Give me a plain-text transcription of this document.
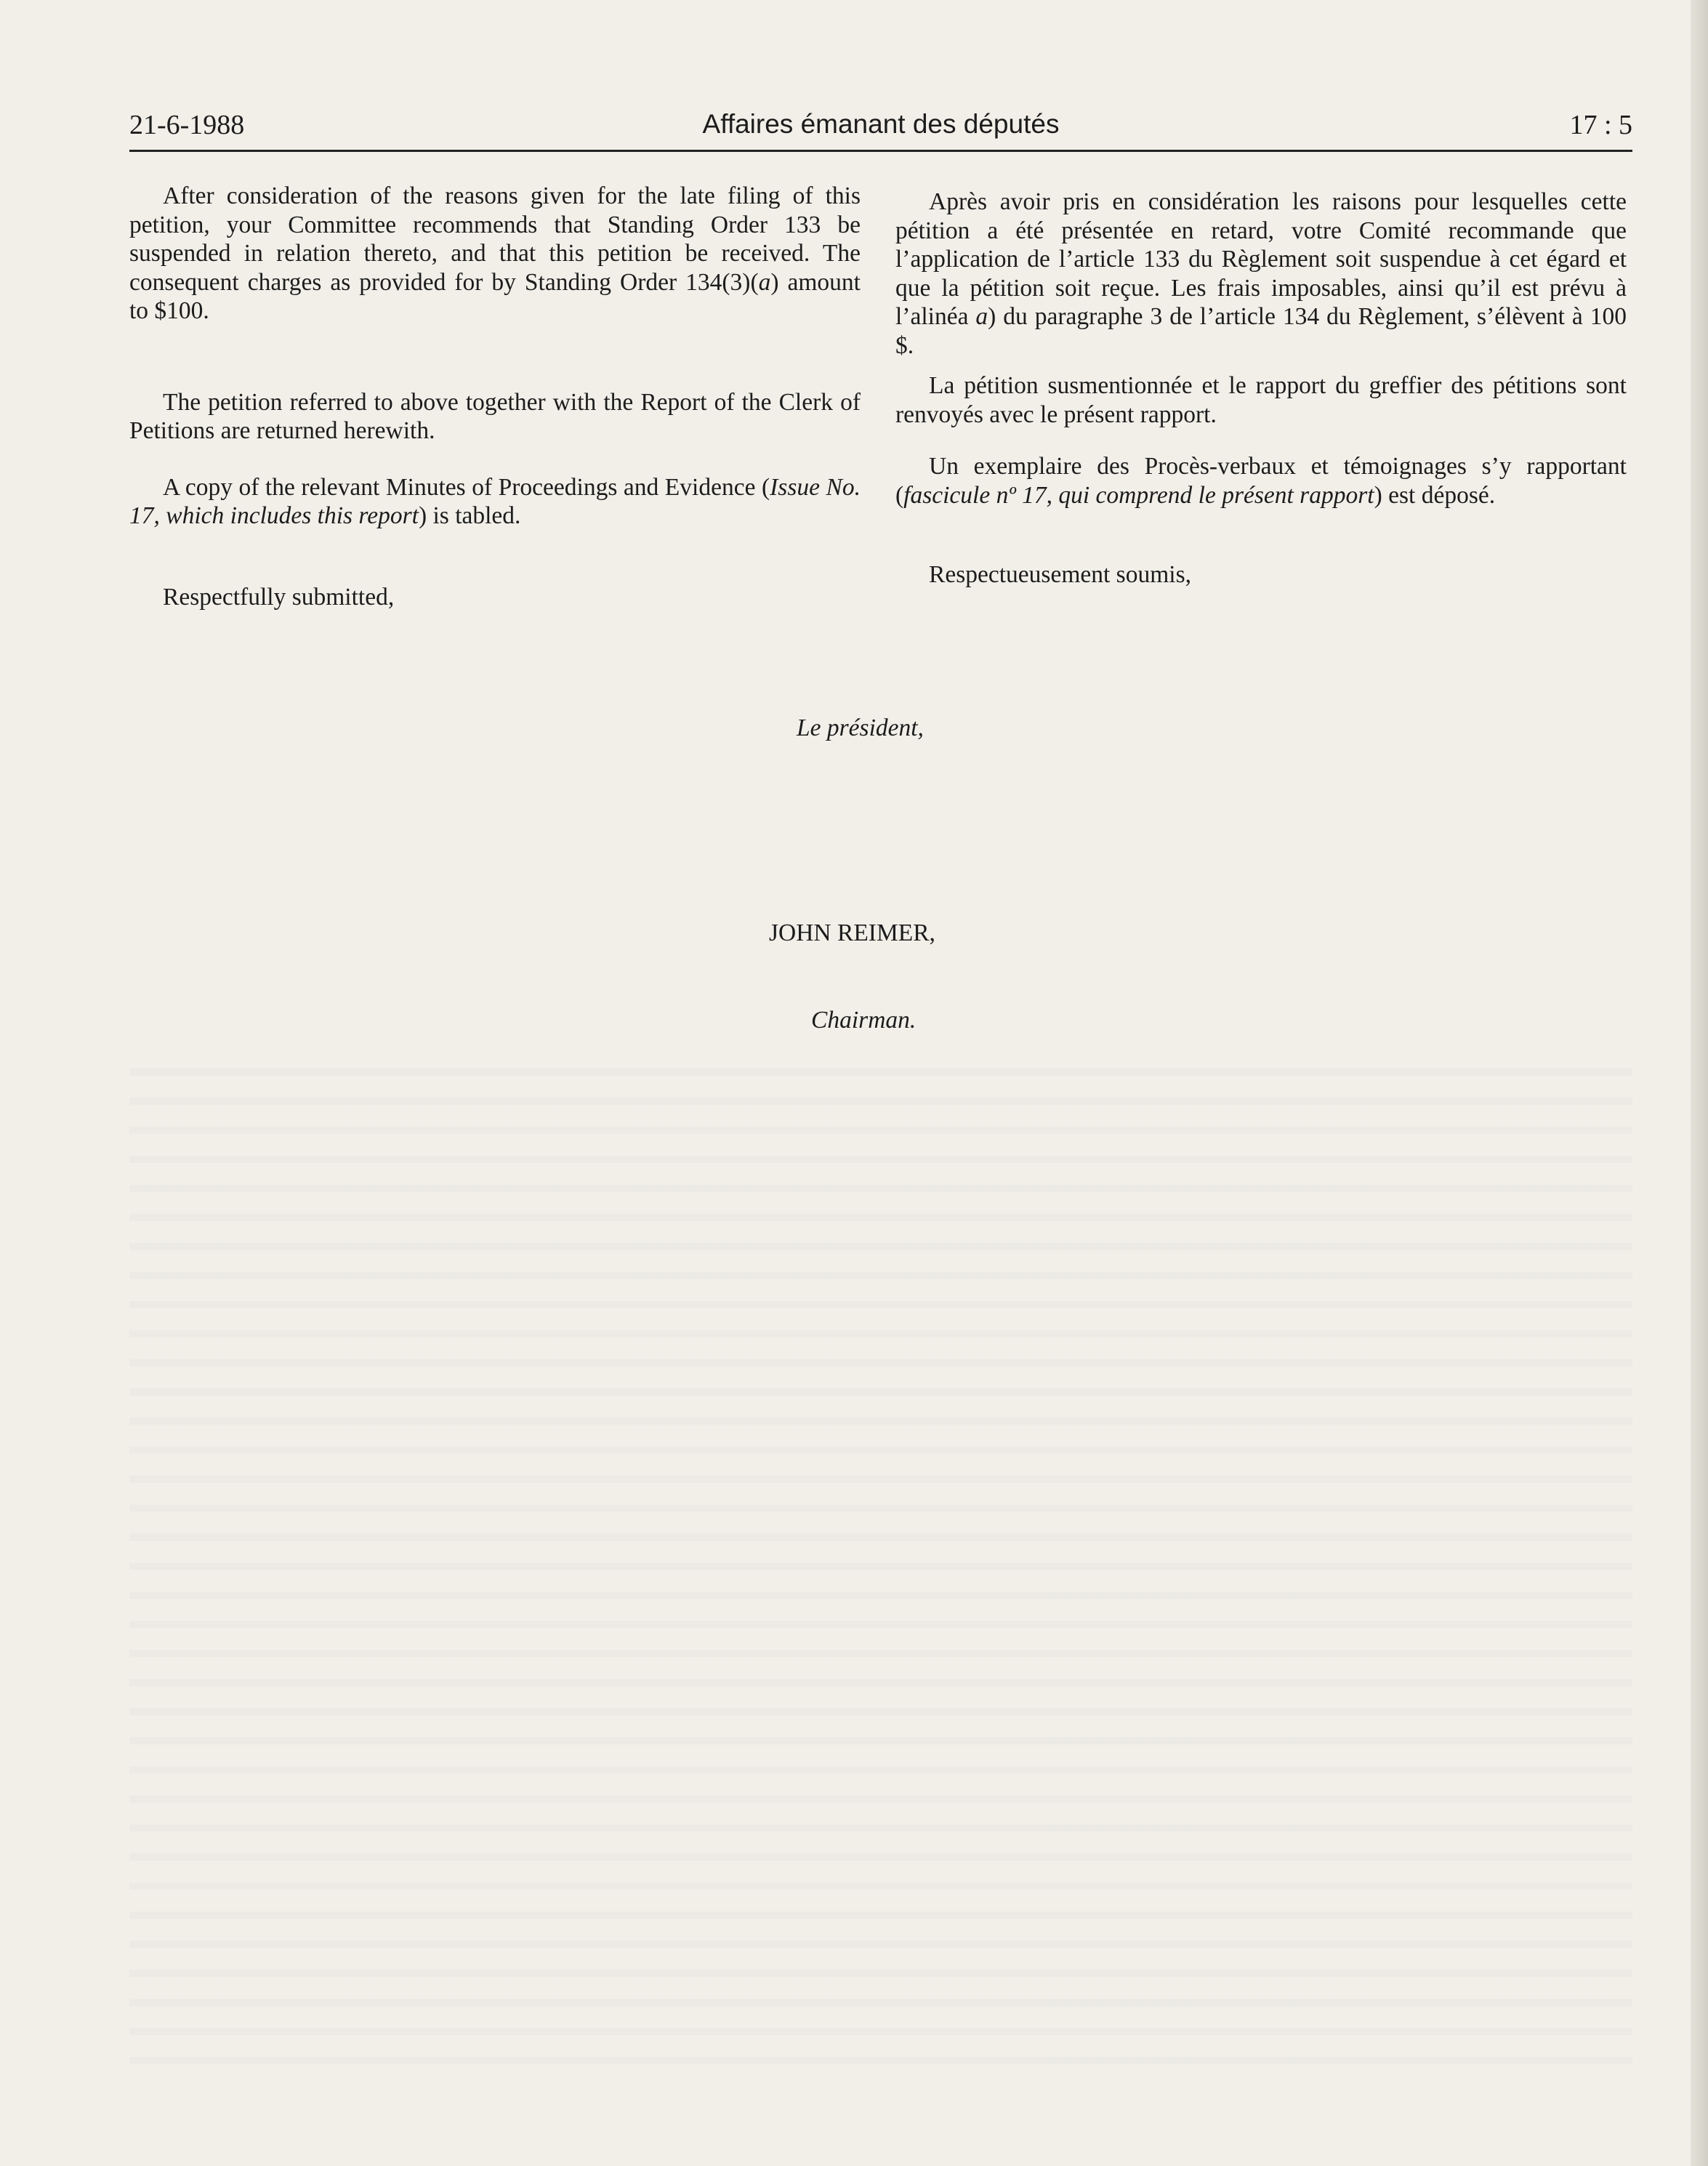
21-6-1988	Affaires émanant des députés	17 : 5

After consideration of the reasons given for the late filing of this petition, your Committee recommends that Standing Order 133 be suspended in relation thereto, and that this petition be received. The consequent charges as provided for by Standing Order 134(3)(a) amount to $100.

The petition referred to above together with the Report of the Clerk of Petitions are returned herewith.

A copy of the relevant Minutes of Proceedings and Evidence (Issue No. 17, which includes this report) is tabled.

Respectfully submitted,

Après avoir pris en considération les raisons pour lesquelles cette pétition a été présentée en retard, votre Comité recommande que l’application de l’article 133 du Règlement soit suspendue à cet égard et que la pétition soit reçue. Les frais imposables, ainsi qu’il est prévu à l’alinéa a) du paragraphe 3 de l’article 134 du Règlement, s’élèvent à 100 $.

La pétition susmentionnée et le rapport du greffier des pétitions sont renvoyés avec le présent rapport.

Un exemplaire des Procès-verbaux et témoignages s’y rapportant (fascicule nº 17, qui comprend le présent rapport) est déposé.

Respectueusement soumis,

Le président,
JOHN REIMER,
Chairman.
